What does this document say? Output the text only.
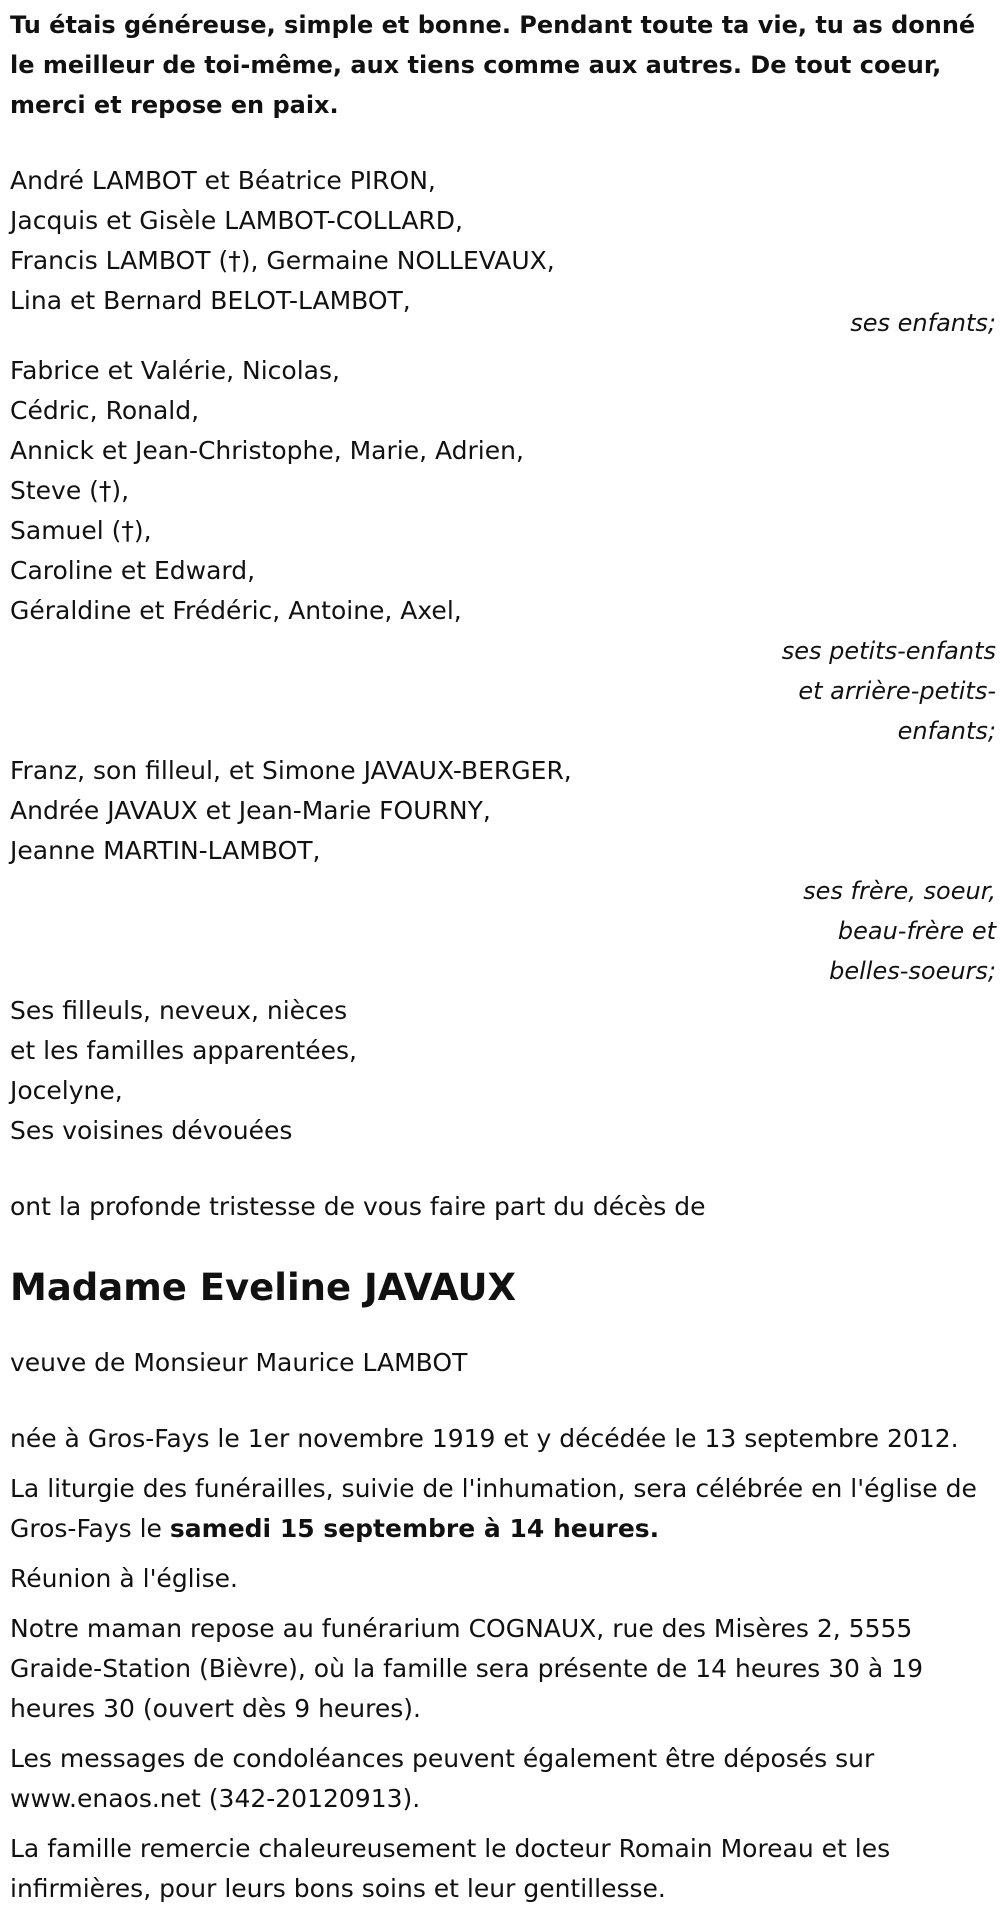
Tu étais généreuse, simple et bonne. Pendant toute ta vie, tu as donné le meilleur de toi-même, aux tiens comme aux autres. De tout coeur, merci et repose en paix.

André LAMBOT et Béatrice PIRON,
Jacquis et Gisèle LAMBOT-COLLARD,
Francis LAMBOT (†), Germaine NOLLEVAUX,
Lina et Bernard BELOT-LAMBOT,
ses enfants;
Fabrice et Valérie, Nicolas,
Cédric, Ronald,
Annick et Jean-Christophe, Marie, Adrien,
Steve (†),
Samuel (†),
Caroline et Edward,
Géraldine et Frédéric, Antoine, Axel,
ses petits-enfants
et arrière-petits-
enfants;
Franz, son filleul, et Simone JAVAUX-BERGER,
Andrée JAVAUX et Jean-Marie FOURNY,
Jeanne MARTIN-LAMBOT,
ses frère, soeur,
beau-frère et
belles-soeurs;
Ses filleuls, neveux, nièces
et les familles apparentées,
Jocelyne,
Ses voisines dévouées

ont la profonde tristesse de vous faire part du décès de

Madame Eveline JAVAUX

veuve de Monsieur Maurice LAMBOT

née à Gros-Fays le 1er novembre 1919 et y décédée le 13 septembre 2012.

La liturgie des funérailles, suivie de l'inhumation, sera célébrée en l'église de Gros-Fays le samedi 15 septembre à 14 heures.

Réunion à l'église.

Notre maman repose au funérarium COGNAUX, rue des Misères 2, 5555 Graide-Station (Bièvre), où la famille sera présente de 14 heures 30 à 19 heures 30 (ouvert dès 9 heures).

Les messages de condoléances peuvent également être déposés sur www.enaos.net (342-20120913).

La famille remercie chaleureusement le docteur Romain Moreau et les infirmières, pour leurs bons soins et leur gentillesse.
